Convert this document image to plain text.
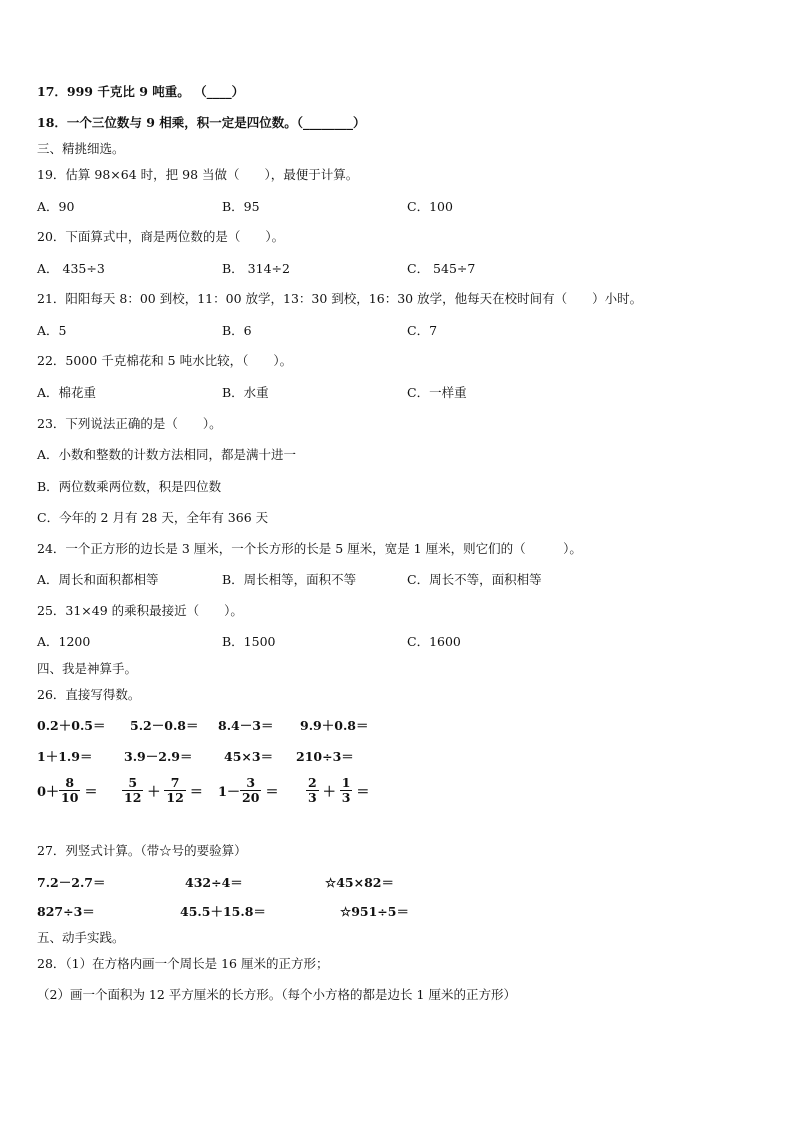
17．999 千克比 9 吨重。 （____）
18．一个三位数与 9 相乘，积一定是四位数。（________）
三、精挑细选。
19．估算 98×64 时，把 98 当做（　　），最便于计算。
A．90	B．95	C．100
20．下面算式中，商是两位数的是（　　）。
A． 435÷3	B． 314÷2	C． 545÷7
21．阳阳每天 8：00 到校，11：00 放学，13：30 到校，16：30 放学，他每天在校时间有（　　）小时。
A．5	B．6	C．7
22．5000 千克棉花和 5 吨水比较，（　　）。
A．棉花重	B．水重	C．一样重
23．下列说法正确的是（　　）。
A．小数和整数的计数方法相同，都是满十进一
B．两位数乘两位数，积是四位数
C．今年的 2 月有 28 天，全年有 366 天
24．一个正方形的边长是 3 厘米，一个长方形的长是 5 厘米，宽是 1 厘米，则它们的（　　　）。
A．周长和面积都相等	B．周长相等，面积不等	C．周长不等，面积相等
25．31×49 的乘积最接近（　　）。
A．1200	B．1500	C．1600
四、我是神算手。
26．直接写得数。
0.2＋0.5＝ 5.2－0.8＝ 8.4－3＝ 9.9＋0.8＝
1＋1.9＝	3.9－2.9＝	45×3＝ 210÷3＝
$0+ \frac{8}{10} = \frac{5}{12} + \frac{7}{12} = 1- \frac{3}{20} = \frac{2}{3} + \frac{1}{3}$ ＝
27．列竖式计算。（带☆号的要验算）
7.2－2.7＝	432÷4＝	☆45×82＝
827÷3＝	45.5＋15.8＝	☆951÷5＝
五、动手实践。
28．（1）在方格内画一个周长是 16 厘米的正方形；
（2）画一个面积为 12 平方厘米的长方形。（每个小方格的都是边长 1 厘米的正方形）
